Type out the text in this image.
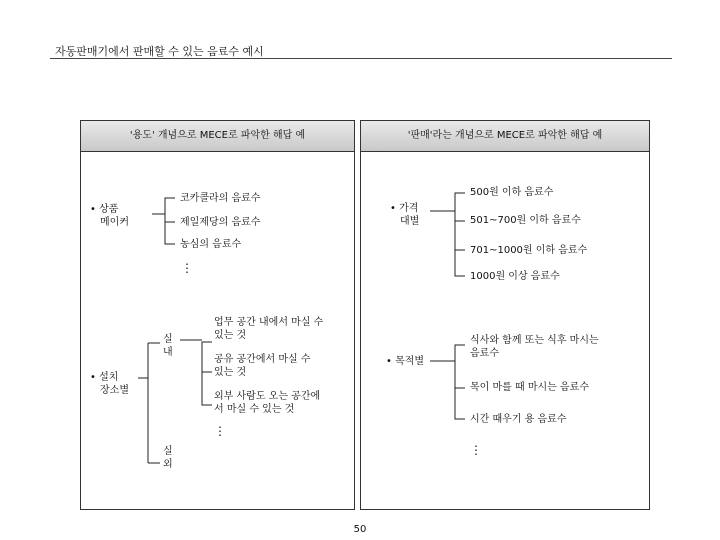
자동판매기에서 판매할 수 있는 음료수 예시
'용도' 개념으로 MECE로 파악한 해답 예	'판매'라는 개념으로 MECE로 파악한 해답 예
• 상품
메이커
코카콜라의 음료수
제일제당의 음료수
농심의 음료수
⋮
• 설치
장소별
실
내
실
외
업무 공간 내에서 마실 수
있는 것
공유 공간에서 마실 수
있는 것
외부 사람도 오는 공간에
서 마실 수 있는 것
⋮
• 가격
대별
500원 이하 음료수
501~700원 이하 음료수
701~1000원 이하 음료수
1000원 이상 음료수
• 목적별
식사와 함께 또는 식후 마시는
음료수
목이 마를 때 마시는 음료수
시간 때우기 용 음료수
⋮
50
